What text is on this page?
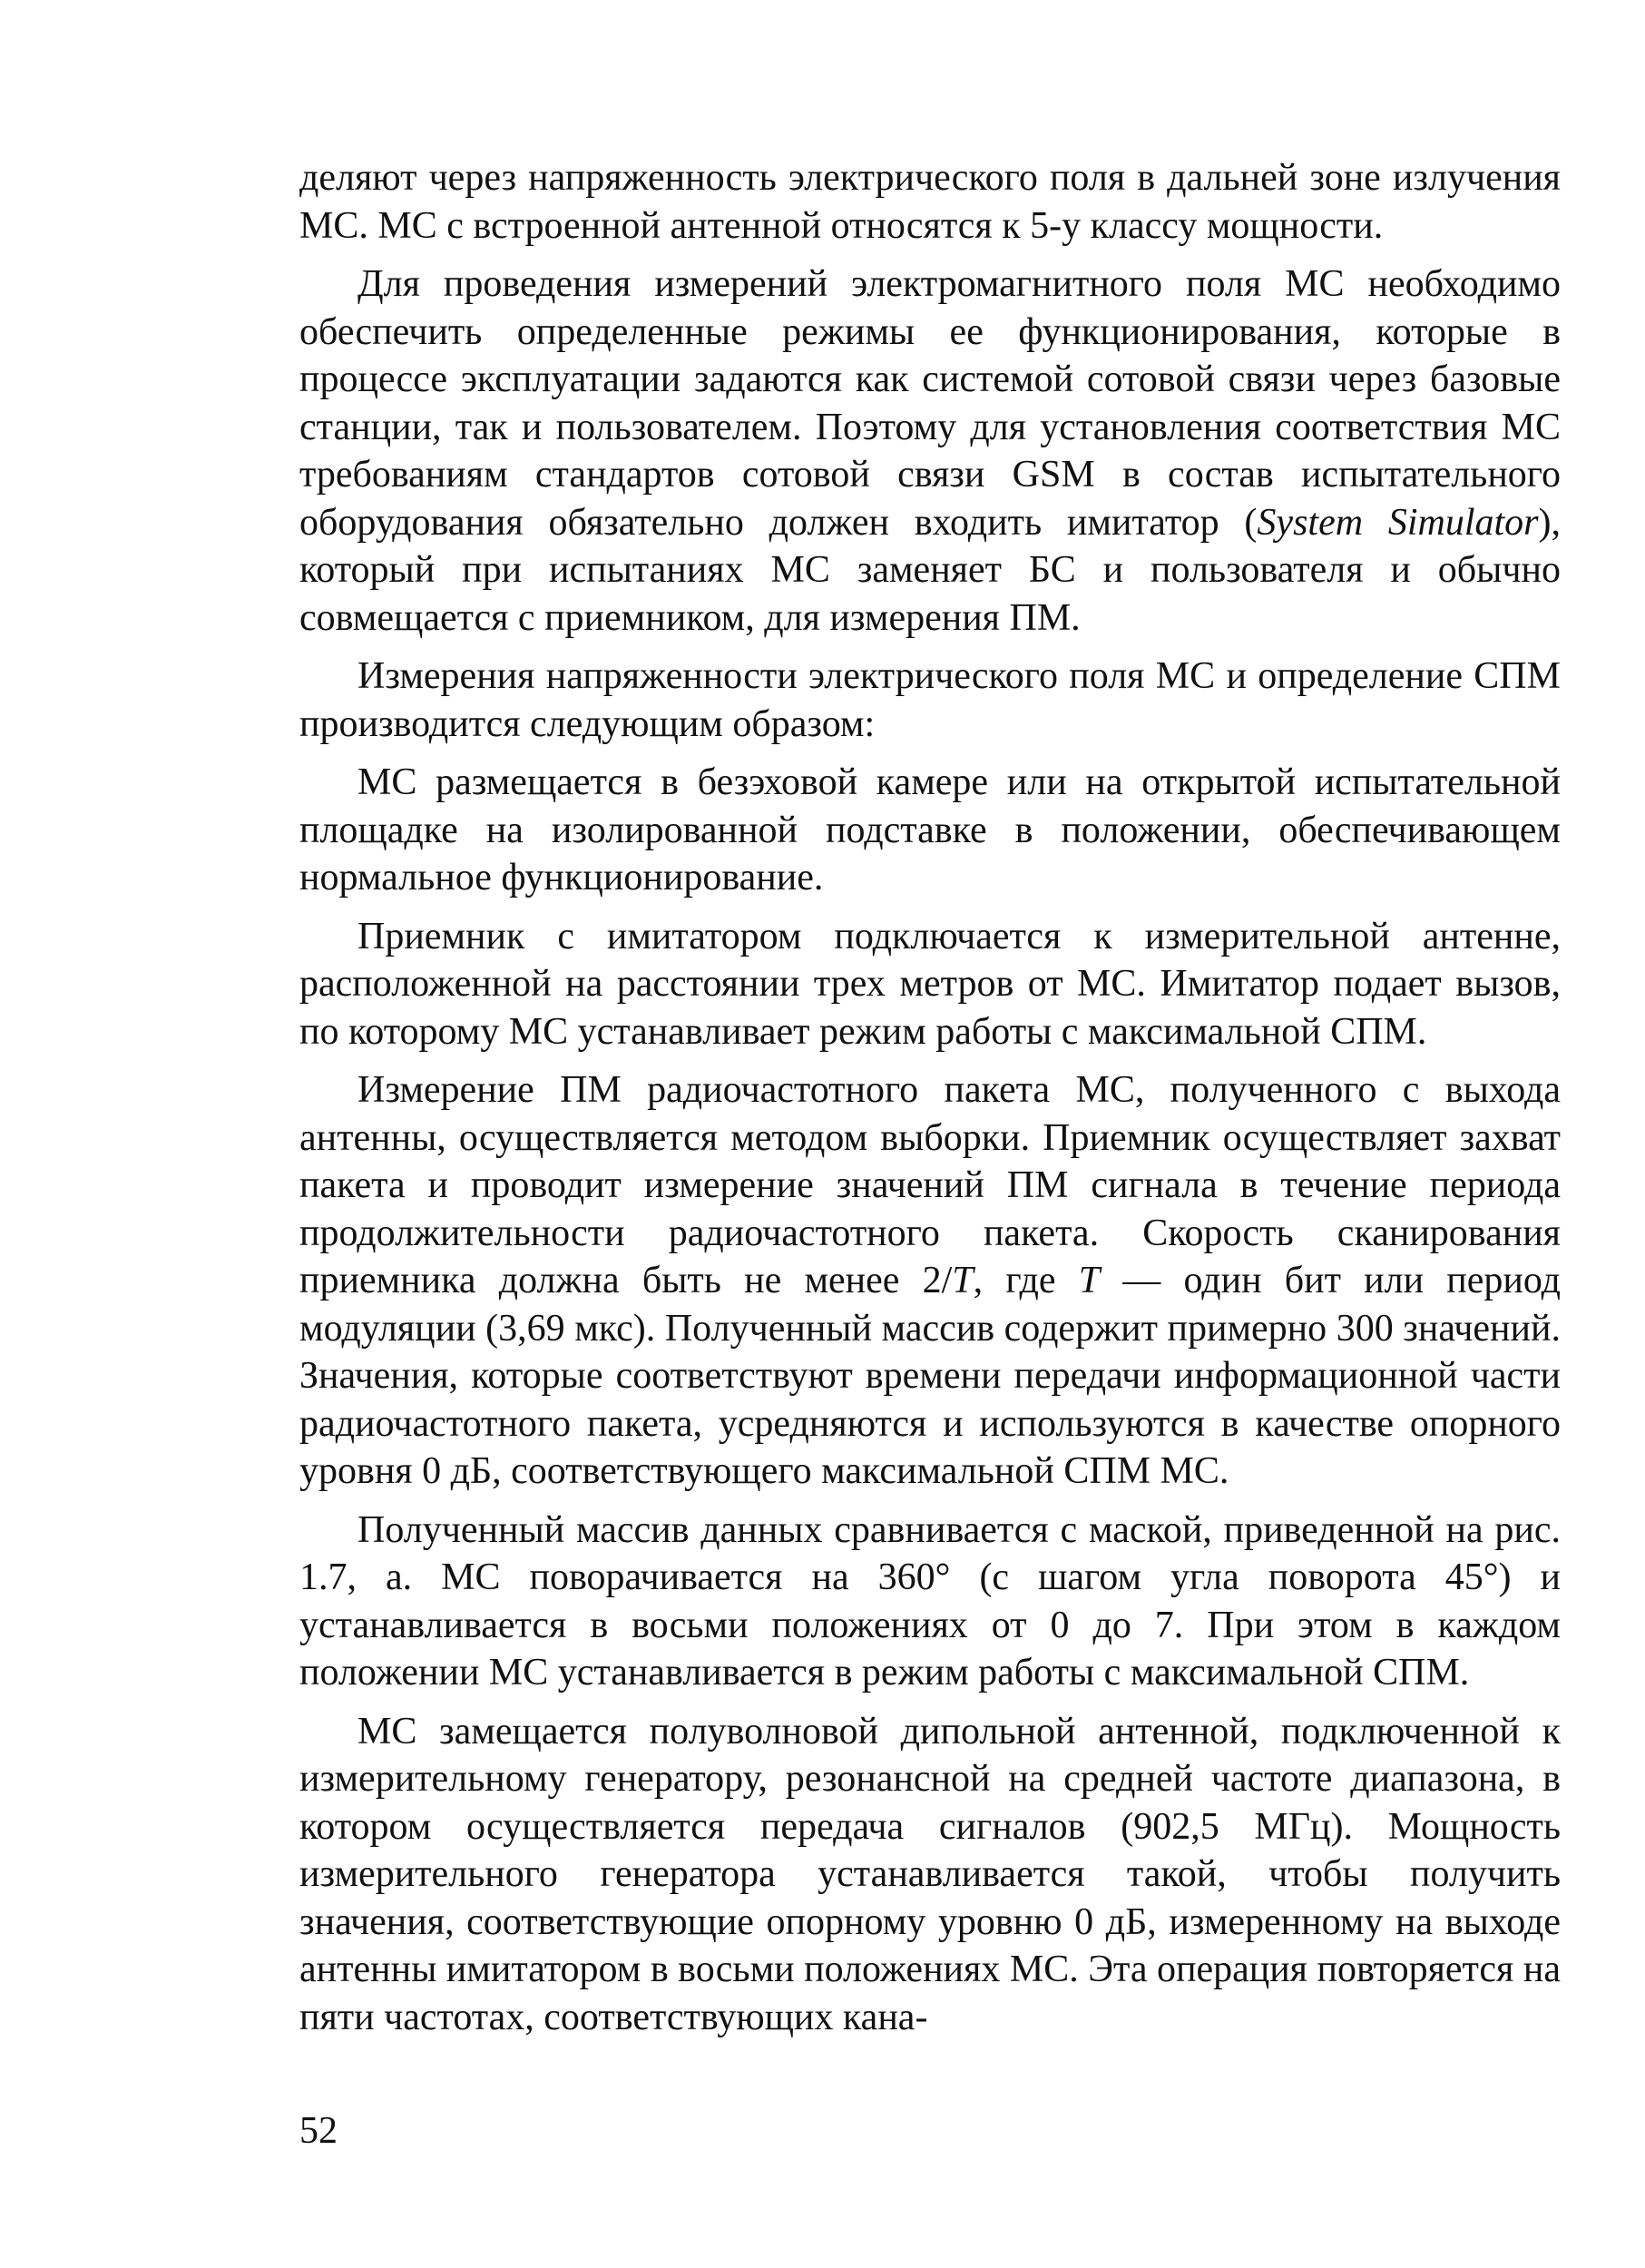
деляют через напряженность электрического поля в дальней зоне излучения МС. МС с встроенной антенной относятся к 5-у классу мощности.

Для проведения измерений электромагнитного поля МС необходимо обеспечить определенные режимы ее функционирования, которые в процессе эксплуатации задаются как системой сотовой связи через базовые станции, так и пользователем. Поэтому для установления соответствия МС требованиям стандартов сотовой связи GSM в состав испытательного оборудования обязательно должен входить имитатор (System Simulator), который при испытаниях МС заменяет БС и пользователя и обычно совмещается с приемником, для измерения ПМ.

Измерения напряженности электрического поля МС и определение СПМ производится следующим образом:

МС размещается в безэховой камере или на открытой испытательной площадке на изолированной подставке в положении, обеспечивающем нормальное функционирование.

Приемник с имитатором подключается к измерительной антенне, расположенной на расстоянии трех метров от МС. Имитатор подает вызов, по которому МС устанавливает режим работы с максимальной СПМ.

Измерение ПМ радиочастотного пакета МС, полученного с выхода антенны, осуществляется методом выборки. Приемник осуществляет захват пакета и проводит измерение значений ПМ сигнала в течение периода продолжительности радиочастотного пакета. Скорость сканирования приемника должна быть не менее 2/T, где T — один бит или период модуляции (3,69 мкс). Полученный массив содержит примерно 300 значений. Значения, которые соответствуют времени передачи информационной части радиочастотного пакета, усредняются и используются в качестве опорного уровня 0 дБ, соответствующего максимальной СПМ МС.

Полученный массив данных сравнивается с маской, приведенной на рис. 1.7, а. МС поворачивается на 360° (с шагом угла поворота 45°) и устанавливается в восьми положениях от 0 до 7. При этом в каждом положении МС устанавливается в режим работы с максимальной СПМ.

МС замещается полуволновой дипольной антенной, подключенной к измерительному генератору, резонансной на средней частоте диапазона, в котором осуществляется передача сигналов (902,5 МГц). Мощность измерительного генератора устанавливается такой, чтобы получить значения, соответствующие опорному уровню 0 дБ, измеренному на выходе антенны имитатором в восьми положениях МС. Эта операция повторяется на пяти частотах, соответствующих кана-

52
